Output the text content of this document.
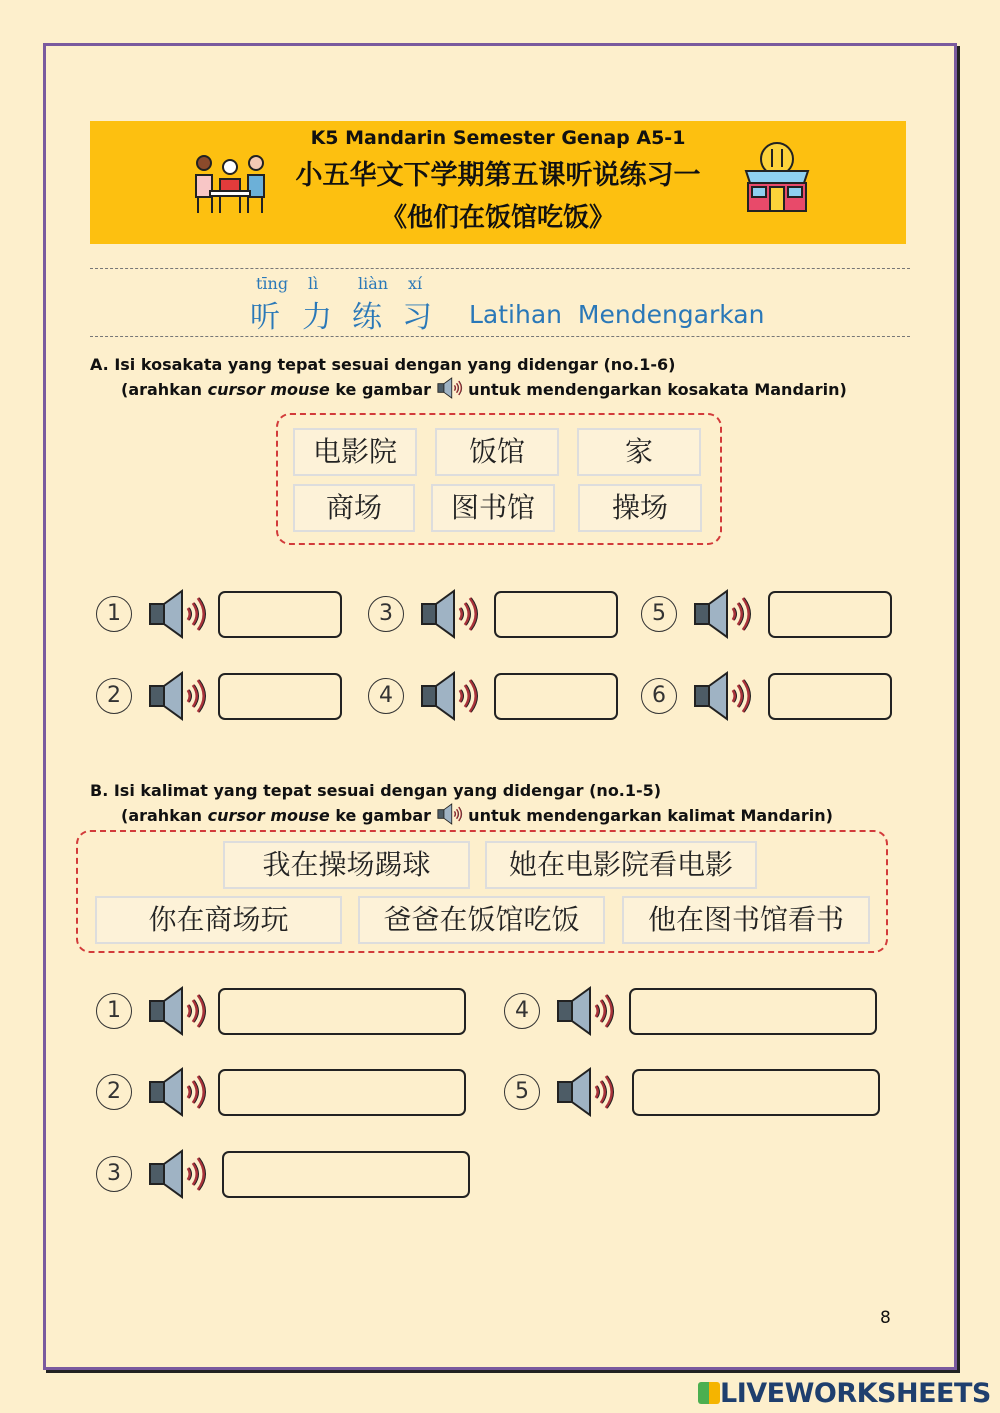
K5 Mandarin Semester Genap A5-1
小五华文下学期第五课听说练习一
《他们在饭馆吃饭》
tīng
听
lì
力
liàn
练
xí
习 Latihan  Mendengarkan
A. Isi kosakata yang tepat sesuai dengan yang didengar (no.1-6)
(arahkan cursor mouse ke gambar  untuk mendengarkan kosakata Mandarin)
B. Isi kalimat yang tepat sesuai dengan yang didengar (no.1-5)
(arahkan cursor mouse ke gambar  untuk mendengarkan kalimat Mandarin)
8
LIVEWORKSHEETS
电影院	饭馆	家
商场	图书馆	操场
我在操场踢球	她在电影院看电影
你在商场玩	爸爸在饭馆吃饭	他在图书馆看书
1
2
3
4
5
6
1
2
3
4
5
